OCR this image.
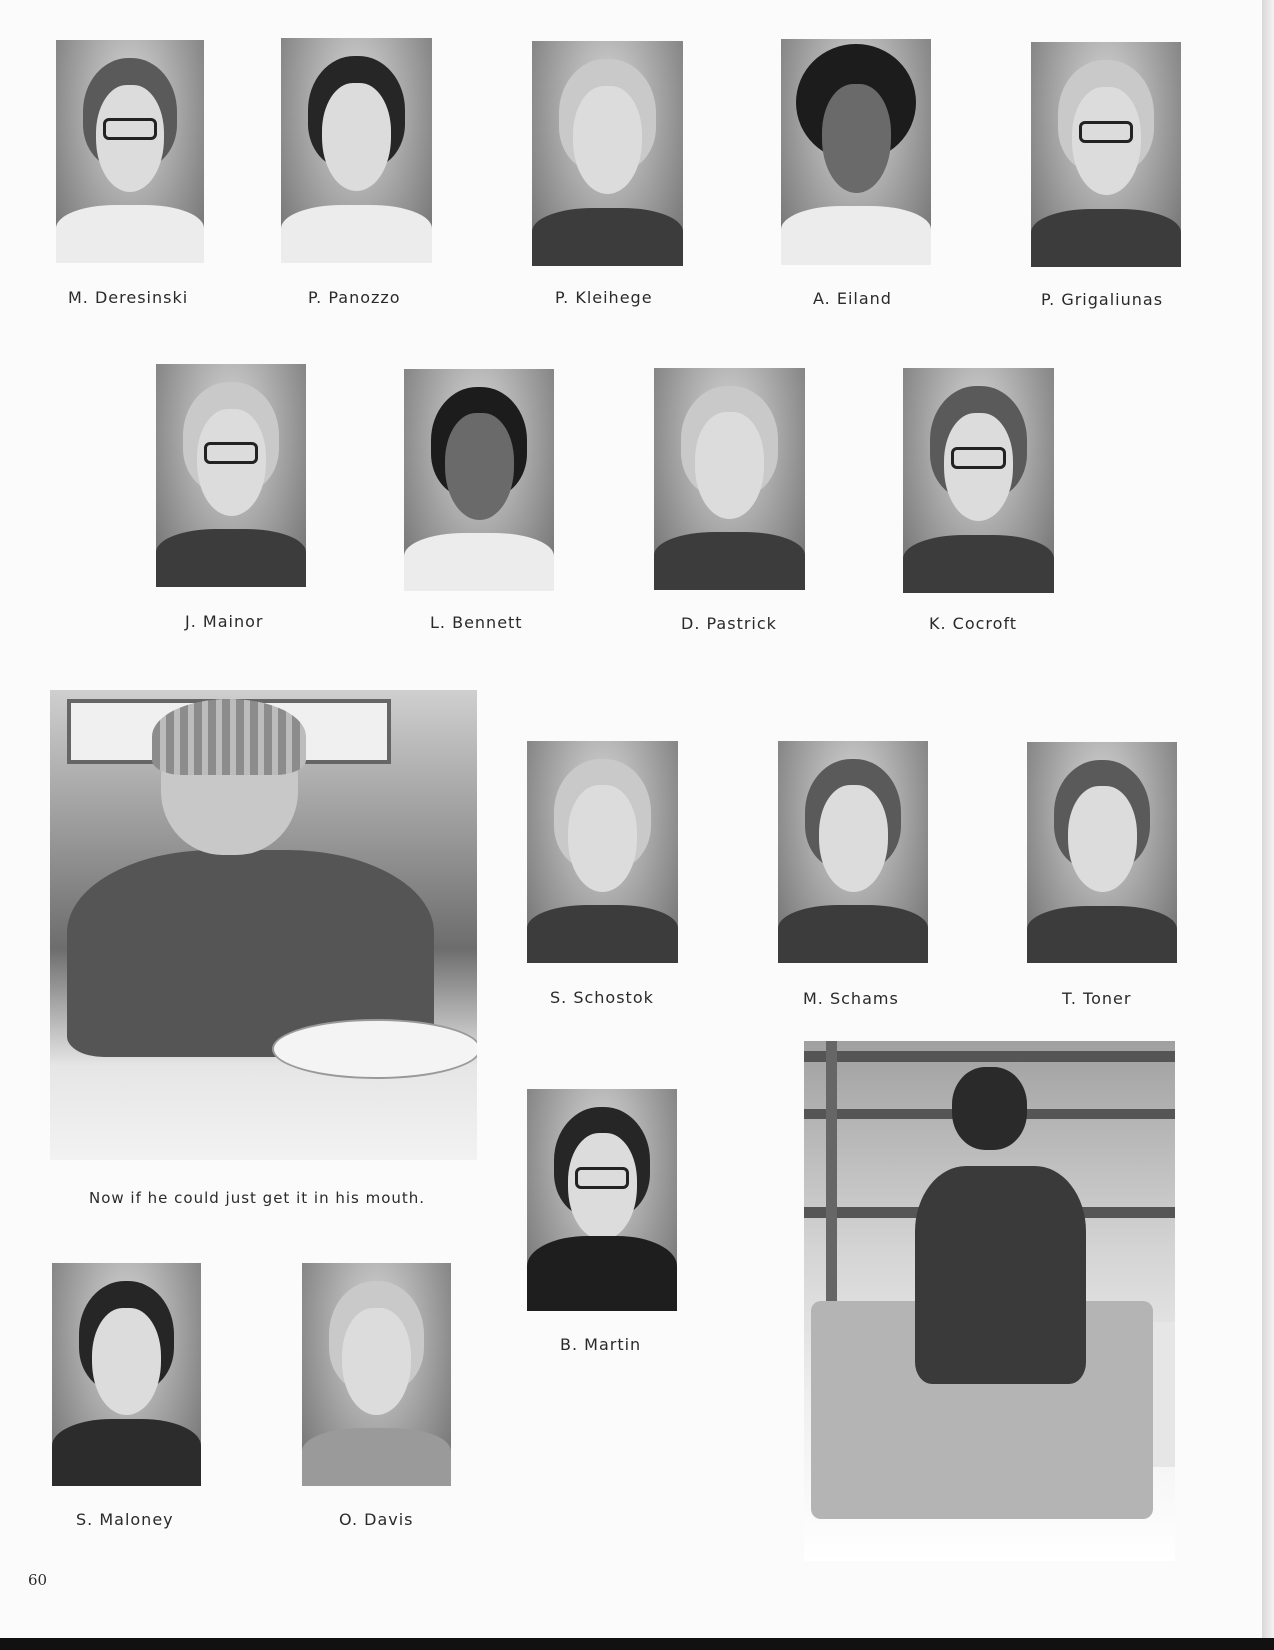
M. Deresinski	P. Panozzo	P. Kleihege	A. Eiland	P. Grigaliunas
J. Mainor	L. Bennett	D. Pastrick	K. Cocroft
Now if he could just get it in his mouth.
S. Schostok	M. Schams	T. Toner
B. Martin
S. Maloney	O. Davis
60
